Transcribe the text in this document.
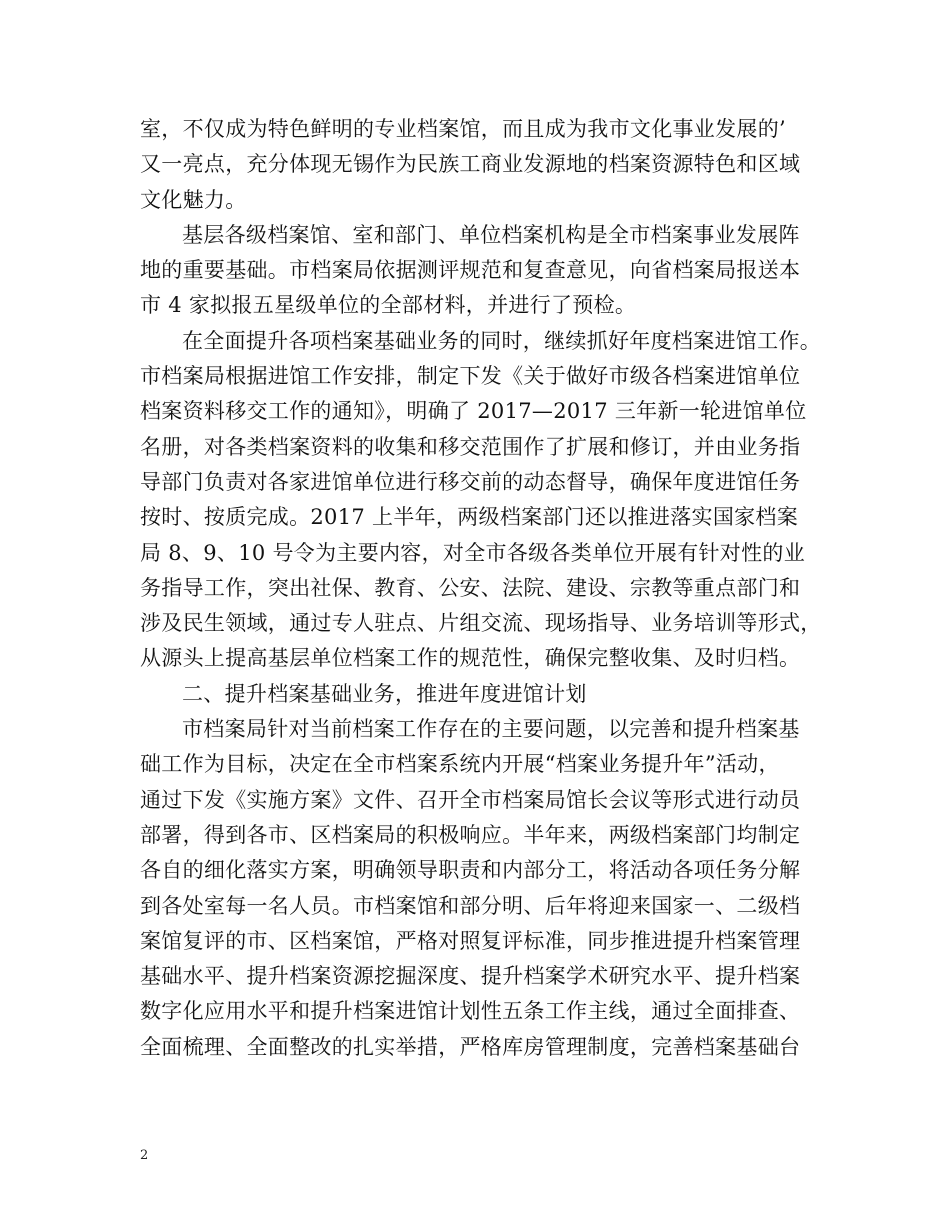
室，不仅成为特色鲜明的专业档案馆，而且成为我市文化事业发展的’
又一亮点，充分体现无锡作为民族工商业发源地的档案资源特色和区域
文化魅力。
基层各级档案馆、室和部门、单位档案机构是全市档案事业发展阵
地的重要基础。市档案局依据测评规范和复查意见，向省档案局报送本
市 4 家拟报五星级单位的全部材料，并进行了预检。
在全面提升各项档案基础业务的同时，继续抓好年度档案进馆工作。
市档案局根据进馆工作安排，制定下发《关于做好市级各档案进馆单位
档案资料移交工作的通知》，明确了 2017—2017 三年新一轮进馆单位
名册，对各类档案资料的收集和移交范围作了扩展和修订，并由业务指
导部门负责对各家进馆单位进行移交前的动态督导，确保年度进馆任务
按时、按质完成。2017 上半年，两级档案部门还以推进落实国家档案
局 8、9、10 号令为主要内容，对全市各级各类单位开展有针对性的业
务指导工作，突出社保、教育、公安、法院、建设、宗教等重点部门和
涉及民生领域，通过专人驻点、片组交流、现场指导、业务培训等形式，
从源头上提高基层单位档案工作的规范性，确保完整收集、及时归档。
二、提升档案基础业务，推进年度进馆计划
市档案局针对当前档案工作存在的主要问题，以完善和提升档案基
础工作为目标，决定在全市档案系统内开展“档案业务提升年”活动，
通过下发《实施方案》文件、召开全市档案局馆长会议等形式进行动员
部署，得到各市、区档案局的积极响应。半年来，两级档案部门均制定
各自的细化落实方案，明确领导职责和内部分工，将活动各项任务分解
到各处室每一名人员。市档案馆和部分明、后年将迎来国家一、二级档
案馆复评的市、区档案馆，严格对照复评标准，同步推进提升档案管理
基础水平、提升档案资源挖掘深度、提升档案学术研究水平、提升档案
数字化应用水平和提升档案进馆计划性五条工作主线，通过全面排查、
全面梳理、全面整改的扎实举措，严格库房管理制度，完善档案基础台
2
